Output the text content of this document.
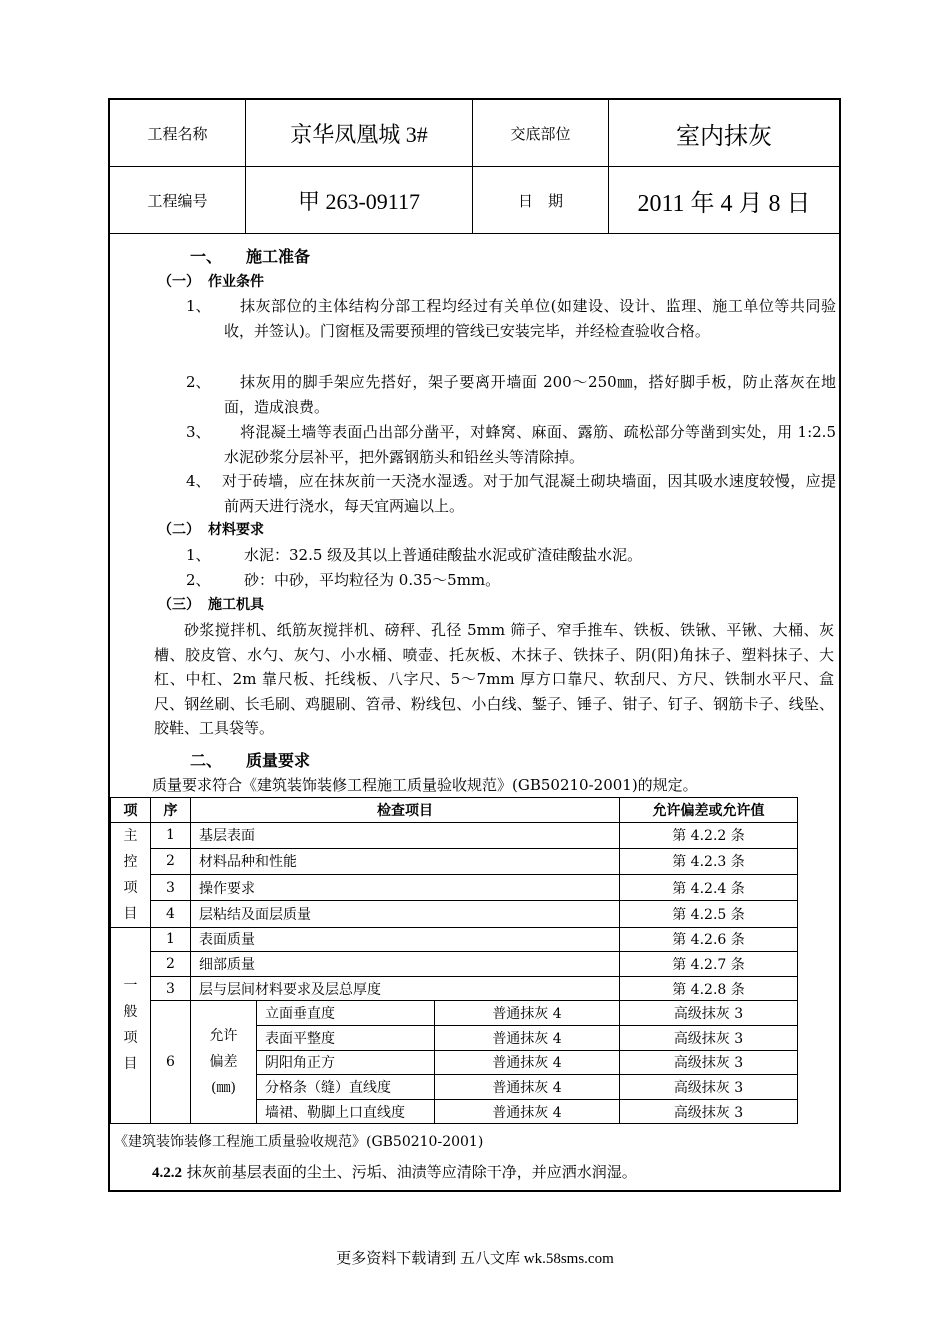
工程名称	京华凤凰城 3#	交底部位	室内抹灰
工程编号	甲 263-09117	日　期	2011 年 4 月 8 日
一、 施工准备
（一） 作业条件
1、	抹灰部位的主体结构分部工程均经过有关单位(如建设、设计、监理、施工单位等共同验收，并签认)。门窗框及需要预埋的管线已安装完毕，并经检查验收合格。
2、	抹灰用的脚手架应先搭好，架子要离开墙面 200～250㎜，搭好脚手板，防止落灰在地面，造成浪费。
3、	将混凝土墙等表面凸出部分凿平，对蜂窝、麻面、露筋、疏松部分等凿到实处，用 1:2.5 水泥砂浆分层补平，把外露钢筋头和铅丝头等清除掉。
4、 对于砖墙，应在抹灰前一天浇水湿透。对于加气混凝土砌块墙面，因其吸水速度较慢，应提前两天进行浇水，每天宜两遍以上。
（二） 材料要求
1、 水泥：32.5 级及其以上普通硅酸盐水泥或矿渣硅酸盐水泥。
2、 砂：中砂，平均粒径为 0.35～5mm。
（三） 施工机具
砂浆搅拌机、纸筋灰搅拌机、磅秤、孔径 5mm 筛子、窄手推车、铁板、铁锹、平锹、大桶、灰槽、胶皮管、水勺、灰勺、小水桶、喷壶、托灰板、木抹子、铁抹子、阴(阳)角抹子、塑料抹子、大杠、中杠、2m 靠尺板、托线板、八字尺、5～7mm 厚方口靠尺、软刮尺、方尺、铁制水平尺、盒尺、钢丝刷、长毛刷、鸡腿刷、笤帚、粉线包、小白线、錾子、锤子、钳子、钉子、钢筋卡子、线坠、胶鞋、工具袋等。
二、 质量要求
质量要求符合《建筑装饰装修工程施工质量验收规范》(GB50210-2001)的规定。
项	序	检查项目			允许偏差或允许值

主控项目	1	基层表面			第 4.2.2 条
	2	材料品种和性能			第 4.2.3 条
	3	操作要求			第 4.2.4 条
	4	层粘结及面层质量			第 4.2.5 条

一般项目	1	表面质量			第 4.2.6 条
	2	细部质量			第 4.2.7 条
	3	层与层间材料要求及层总厚度			第 4.2.8 条
	6	允许偏差(㎜)	立面垂直度	普通抹灰 4	高级抹灰 3
			表面平整度	普通抹灰 4	高级抹灰 3
			阴阳角正方	普通抹灰 4	高级抹灰 3
			分格条（缝）直线度	普通抹灰 4	高级抹灰 3
			墙裙、勒脚上口直线度	普通抹灰 4	高级抹灰 3
《建筑装饰装修工程施工质量验收规范》(GB50210-2001)
4.2.2 抹灰前基层表面的尘土、污垢、油渍等应清除干净，并应洒水润湿。
更多资料下载请到 五八文库 wk.58sms.com
